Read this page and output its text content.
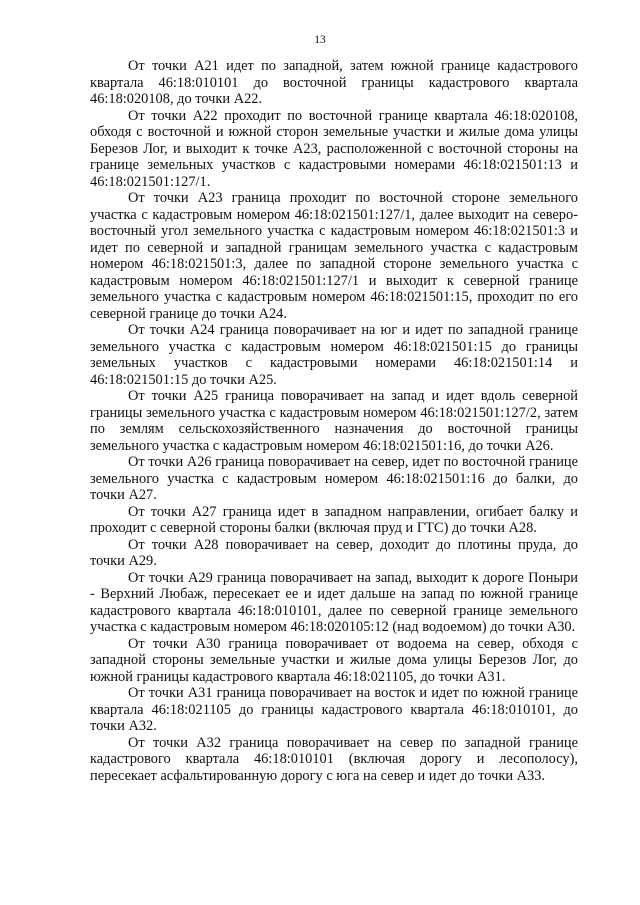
13

От точки А21 идет по западной, затем южной границе кадастрового квартала 46:18:010101 до восточной границы кадастрового квартала 46:18:020108, до точки А22.

От точки А22 проходит по восточной границе квартала 46:18:020108, обходя с восточной и южной сторон земельные участки и жилые дома улицы Березов Лог, и выходит к точке А23, расположенной с восточной стороны на границе земельных участков с кадастровыми номерами 46:18:021501:13 и 46:18:021501:127/1.

От точки А23 граница проходит по восточной стороне земельного участка с кадастровым номером 46:18:021501:127/1, далее выходит на северо-восточный угол земельного участка с кадастровым номером 46:18:021501:3 и идет по северной и западной границам земельного участка с кадастровым номером 46:18:021501:3, далее по западной стороне земельного участка с кадастровым номером 46:18:021501:127/1 и выходит к северной границе земельного участка с кадастровым номером 46:18:021501:15, проходит по его северной границе до точки А24.

От точки А24 граница поворачивает на юг и идет по западной границе земельного участка с кадастровым номером 46:18:021501:15 до границы земельных участков с кадастровыми номерами 46:18:021501:14 и 46:18:021501:15 до точки А25.

От точки А25 граница поворачивает на запад и идет вдоль северной границы земельного участка с кадастровым номером 46:18:021501:127/2, затем по землям сельскохозяйственного назначения до восточной границы земельного участка с кадастровым номером 46:18:021501:16, до точки А26.

От точки А26 граница поворачивает на север, идет по восточной границе земельного участка с кадастровым номером 46:18:021501:16 до балки, до точки А27.

От точки А27 граница идет в западном направлении, огибает балку и проходит с северной стороны балки (включая пруд и ГТС) до точки А28.

От точки А28 поворачивает на север, доходит до плотины пруда, до точки А29.

От точки А29 граница поворачивает на запад, выходит к дороге Поныри - Верхний Любаж, пересекает ее и идет дальше на запад по южной границе кадастрового квартала 46:18:010101, далее по северной границе земельного участка с кадастровым номером 46:18:020105:12 (над водоемом) до точки А30.

От точки А30 граница поворачивает от водоема на север, обходя с западной стороны земельные участки и жилые дома улицы Березов Лог, до южной границы кадастрового квартала 46:18:021105, до точки А31.

От точки А31 граница поворачивает на восток и идет по южной границе квартала 46:18:021105 до границы кадастрового квартала 46:18:010101, до точки А32.

От точки А32 граница поворачивает на север по западной границе кадастрового квартала 46:18:010101 (включая дорогу и лесополосу), пересекает асфальтированную дорогу с юга на север и идет до точки А33.
